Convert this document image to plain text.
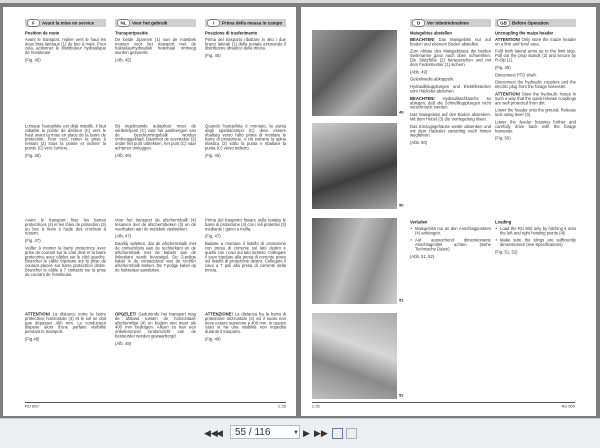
F Avant la mise en service

Position de route

Avant le transport, replier vers le haut les deux bras latéraux (1) du bec à maïs. Pour cela, actionner le distributeur hydraulique de l'ensileuse.

(Fig. 45)

Lorsque l'autopilote est déjà installé, il faut rabattre la pointe de diviseur (C) vers le haut avant la mise en place de la barre de protection. Pour ceci, retirer la prise à ressort (2) sous la pointe et incliner la pointe (C) vers l'arrière.

(Fig. 46)

Avant le transport fixer les barres protectrices (4) et les tôles de protection (3) au bec à maïs à l'aide des crochets à ressort.

(Fig. 47)

Veiller à monter la barre protectrice avec prise de courant sur le côté droit et la barre protectrice avec câbles sur le côté gauche. Brancher le câble tripolaire sur la prise de courant placée sur barre protectrice droite. Brancher le câble à 7 contacts sur la prise de courant de l'ensileuse.

ATTENTION! La distance entre la barre protectrice horizontale (4) et le sol ne doit pas dépasser 400 mm. Le conducteur dispose alors d'une parfaite visibilité pendant le transport.

(Fig.48)

NL Voor het gebruik

Transportpositie

De beide zijarmen (1) van de maïsbek moeten voor het transport met de hakselaarhydrauliek helemaal omhoog worden gezwenkt.

(Afb. 45)

Bij ingebouwde autopiloot moet de verdelerpunt (C) voor het aanbrengen van de beschermingsbalk worden omhooggeklapt. Daarvoor de veersteker (2) onder het punt uittrekken, het punt (C) naar achteren omleggen.

(Afb. 46)

Voor het transport de afschermbalk (4) tesamen met de afschermbeken (3) en de veerhaken aan de maïsbek vaststeken.

(Afb. 47)

Daarbij opletten, dat de afschermbalk met de contactdoos aan de rechterkant en de afschermbalk met de kabels aan de linkerkant wordt bevestigd. De 3-polige kabel in de contactdoos van de rechter afschermbalk steken. De 7-polige kabel op de hakselaar aansluiten.

OPGELET! Gedurende het transport mag de afstand tussen de horizontaal-afschermlijst (4) en bodem niet meer als 400 mm bedragen. Alleen zo kan een onbelemmerd rondomzicht van de bestuurder worden gewaarborgd.

(Afb. 48)

I Prima della messa in campo

Posizione di trasferimento

Prima del trasporto ribaltare in alto i due bracci laterali (1) della testata azionando il distributore idraulico della trincia.

(Fig. 45)

Quando l'autopilota è montato, la punta degli spartiacampo (C) deve essere ribaltata verso l'alto prima di montare le barre di protezione. A ciò estrarre la spina elastica (2) sotto la punta e ribaltare la punta (C) verso indietro.

(Fig. 46)

Prima del trasporto fissare sulla testata le barre di protezione (4) con i teli protettivi (3) mediante i ganci a molla.

(Fig. 47)

Badare a montare il listello di protezione con presa di corrente sul lato destro e quello con i cavi sul lato sinistro. Collegare il cavo tripolare alla presa di corrente posto sul listello di protezione destro. Collegare il cavo a 7 poli alla presa di corrente della trincia.

ATTENZIONE! La distanza fra la barra di protezione orizzontale (4) ed il suolo non deve essere superiore a 400 mm. In questo caso si ha una visibilità non impedita durante il trasporto.

(Fig. 48)

RU 600	2.35
49
50
51
52
D Vor Inbetriebnahme

Maisgebiss abstellen

BEACHTEN! Das Maisgebiss nur auf festem und ebenem Boden abstellen.

Zum Abbau des Maisgebisses die beiden Seitenarme ganz nach oben schwenken. Die Stützfüße (2) herausziehen und mit dem Federstecker (1) sichern.

(Abb. 49)

Gelenkwelle abkoppeln.

Hydraulikkupplungen und Elektrikstecker vom Häcksler abziehen.

BEACHTEN! Hydraulikschläuche so ablegen, daß die Schnellkupplungen nicht verschmutzt werden.

Das Maisgebiss auf den Boden absenken. Mit dem Hebel (3) die Verriegelung lösen.

Das Einzugsgehäuse weiter absenken und mit dem Häcksler vorsichtig nach hinten wegfahren.

(Abb. 50)

Verladen

• Maisgebiss nur an den Anschlagpunkten (4) anhängen.

• Auf ausreichend dimensionierte Anschlagmittel achten. (siehe Technische Daten)

(Abb. 51, 52)

GB Before Operation

Uncoupling the maize header

ATTENTION! Only store the maize header on a firm and level area.

Fold both lateral arms up to the limit stop. Pull out the prop stands (2) and secure by R-clip (1).

(Fig. 49)

Disconnect PTO shaft.

Disconnect the hydraulic couplers and the electric plug from the forage harvester.

ATTENTION! Stow the hydraulic hoses in such a way that the quick-release couplings are well protected from dirt.

Lower the header onto the ground. Release lock using lever (3).

Lower the feeder housing further and carefully drive back with the forage harvester.

(Fig. 50)

Loading

• Load the RU 600 only by hitching it onto the left and right hoisting points (4)!

• Make sure the slings are sufficiently dimensioned! (see Specifications)

(Fig. 51, 52)

2.35	RU 600
◀◀
◀	55 / 116	▼ ▶ ▶▶
